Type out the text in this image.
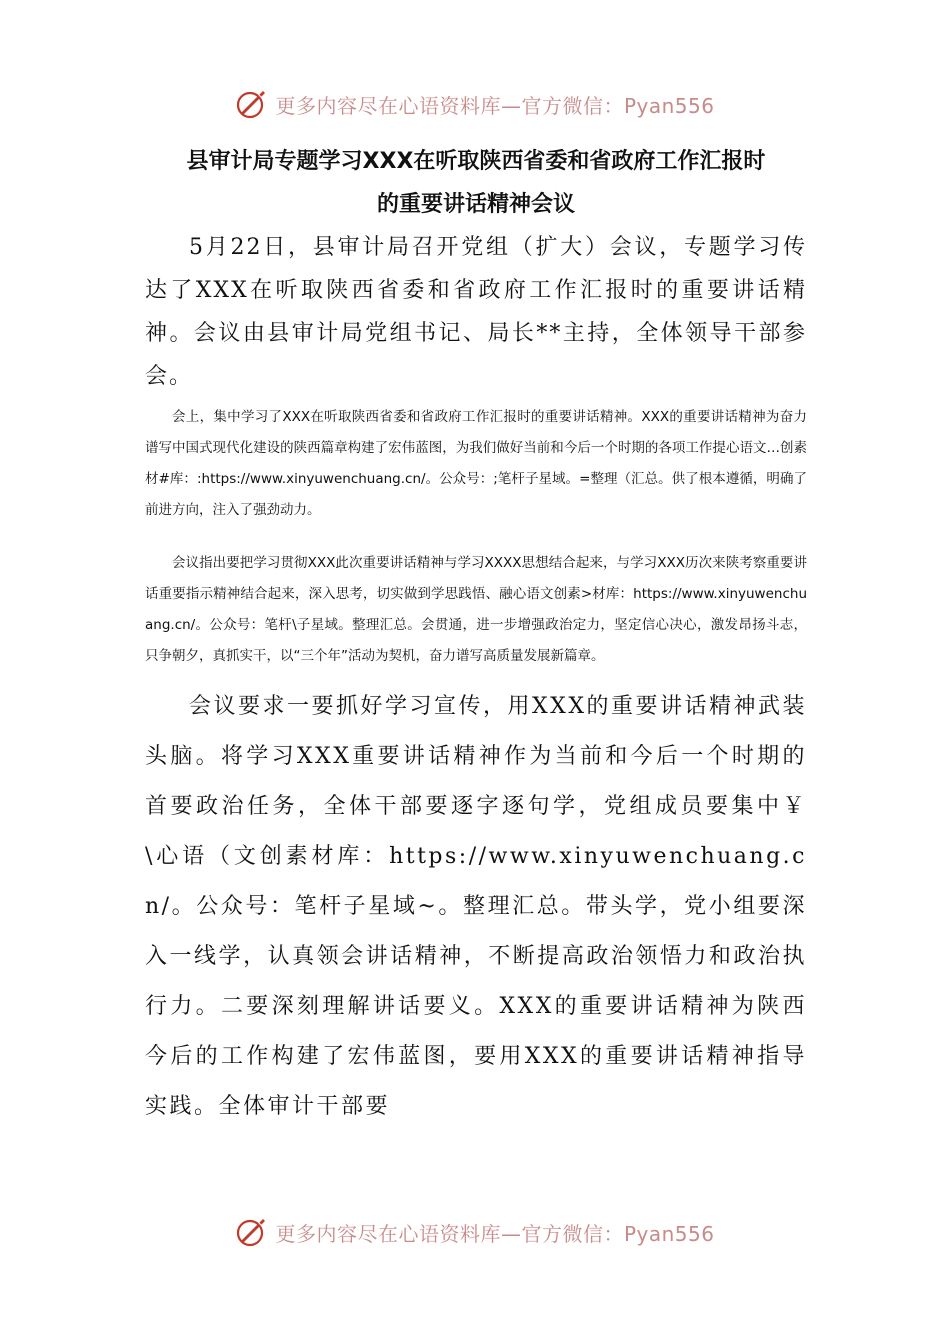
更多内容尽在心语资料库—官方微信：Pyan556

县审计局专题学习XXX在听取陕西省委和省政府工作汇报时
的重要讲话精神会议

5月22日，县审计局召开党组（扩大）会议，专题学习传达了XXX在听取陕西省委和省政府工作汇报时的重要讲话精神。会议由县审计局党组书记、局长**主持，全体领导干部参会。

会上，集中学习了XXX在听取陕西省委和省政府工作汇报时的重要讲话精神。XXX的重要讲话精神为奋力谱写中国式现代化建设的陕西篇章构建了宏伟蓝图，为我们做好当前和今后一个时期的各项工作提心语文…创素材#库：:https://www.xinyuwenchuang.cn/。公众号：;笔杆子星域。=整理（汇总。供了根本遵循，明确了前进方向，注入了强劲动力。

会议指出要把学习贯彻XXX此次重要讲话精神与学习XXXX思想结合起来，与学习XXX历次来陕考察重要讲话重要指示精神结合起来，深入思考，切实做到学思践悟、融心语文创素>材库：https://www.xinyuwenchuang.cn/。公众号：笔杆\子星域。整理汇总。会贯通，进一步增强政治定力，坚定信心决心，激发昂扬斗志，只争朝夕，真抓实干，以“三个年”活动为契机，奋力谱写高质量发展新篇章。

会议要求一要抓好学习宣传，用XXX的重要讲话精神武装头脑。将学习XXX重要讲话精神作为当前和今后一个时期的首要政治任务，全体干部要逐字逐句学，党组成员要集中￥\心语（文创素材库：https://www.xinyuwenchuang.cn/。公众号：笔杆子星域~。整理汇总。带头学，党小组要深入一线学，认真领会讲话精神，不断提高政治领悟力和政治执行力。二要深刻理解讲话要义。XXX的重要讲话精神为陕西今后的工作构建了宏伟蓝图，要用XXX的重要讲话精神指导实践。全体审计干部要

更多内容尽在心语资料库—官方微信：Pyan556
